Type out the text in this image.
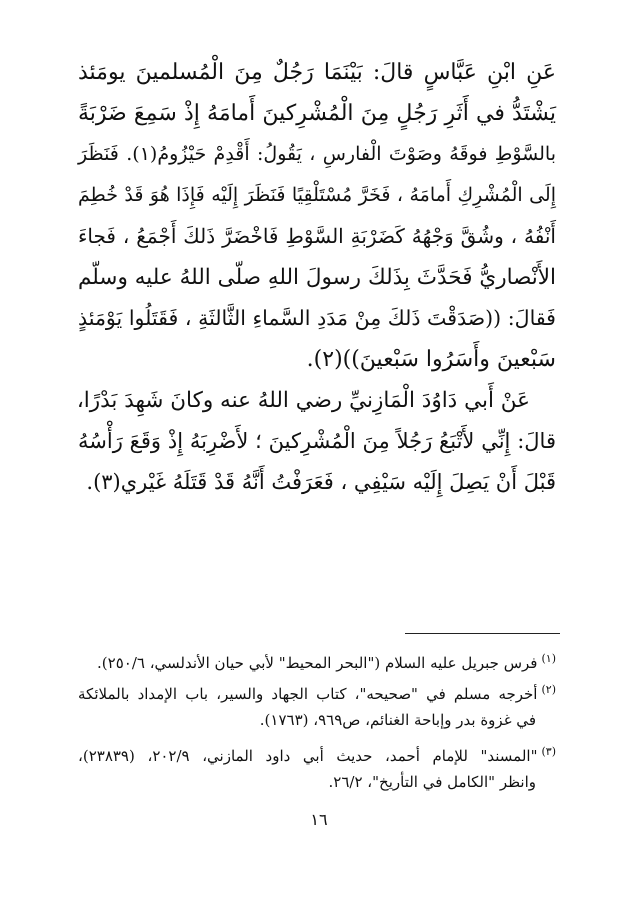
عَنِ ابْنِ عَبَّاسٍ قالَ: بَيْنَمَا رَجُلٌ مِنَ الْمُسلمينَ يومَئذ
يَشْتَدُّ في أَثَرِ رَجُلٍ مِنَ الْمُشْرِكينَ أَمامَهُ إِذْ سَمِعَ ضَرْبَةً
بالسَّوْطِ فوقَهُ وصَوْتَ الْفارسِ ، يَقُولُ: أَقْدِمْ حَيْزُومُ(١). فَنَظَرَ
إِلَى الْمُشْرِكِ أَمامَهُ ، فَخَرَّ مُسْتَلْقِيًا فَنَظَرَ إِلَيْه فَإِذَا هُوَ قَدْ خُطِمَ
أَنْفُهُ ، وشُقَّ وَجْهُهُ كَضَرْبَةِ السَّوْطِ فَاخْضَرَّ ذَلكَ أَجْمَعُ ، فَجاءَ
الأَنْصاريُّ فَحَدَّثَ بِذَلكَ رسولَ اللهِ صلّى اللهُ عليه وسلّم
فَقالَ: ((صَدَقْتَ ذَلكَ مِنْ مَدَدِ السَّماءِ الثَّالثَةِ ، فَقَتَلُوا يَوْمَئذٍ
سَبْعينَ وأَسَرُوا سَبْعينَ))(٢).
عَنْ أَبي دَاوُدَ الْمَازِنيِّ رضي اللهُ عنه وكانَ شَهِدَ بَدْرًا،
قالَ: إِنِّي لأَتْبَعُ رَجُلاً مِنَ الْمُشْرِكينَ ؛ لأَضْرِبَهُ إِذْ وَقَعَ رَأْسُهُ
قَبْلَ أَنْ يَصِلَ إِلَيْه سَيْفِي ، فَعَرَفْتُ أَنَّهُ قَدْ قَتَلَهُ غَيْري(٣).
$^{(١)}$فرس جبريل عليه السلام ("البحر المحيط" لأبي حيان الأندلسي، ٢٥٠/٦).
$^{(٢)}$أخرجه مسلم في "صحيحه"، كتاب الجهاد والسير، باب الإمداد بالملائكة
في غزوة بدر وإباحة الغنائم، ص٩٦٩، (١٧٦٣).
$^{(٣)}$"المسند" للإمام أحمد، حديث أبي داود المازني، ٢٠٢/٩، (٢٣٨٣٩)،
وانظر "الكامل في التأريخ"، ٢٦/٢.
١٦
